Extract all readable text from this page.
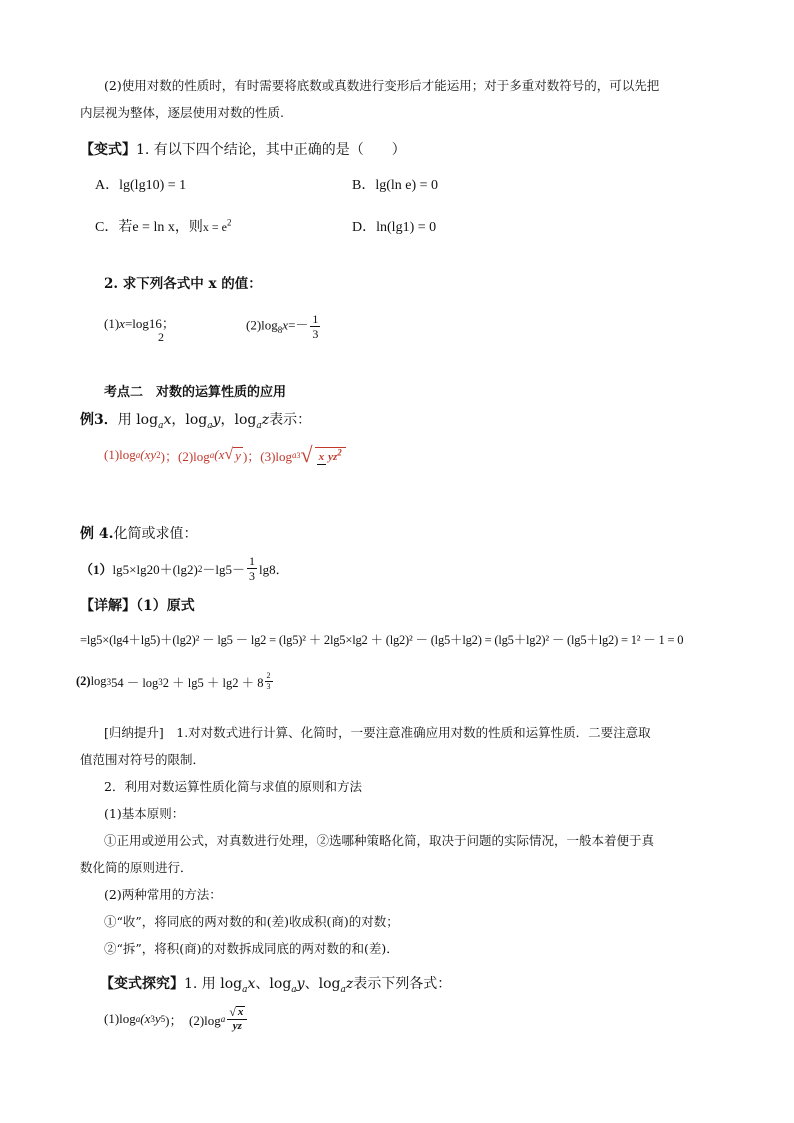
(2)使用对数的性质时，有时需要将底数或真数进行变形后才能运用；对于多重对数符号的，可以先把
内层视为整体，逐层使用对数的性质.
【变式】1. 有以下四个结论，其中正确的是（　　）
A．lg(lg10) = 1	B．lg(ln e) = 0
C．若e = ln x，则$x = e^2$	D．ln(lg1) = 0
2. 求下列各式中 x 的值：
(1)x=log16；
2
$(2)\log_8x=- \frac{1}{3}$
考点二　对数的运算性质的应用
例3．用 $\log_ax$，$\log_ay$，$\log_az$表示：
(1)log a (xy 2 )；(2)log a (x √ y )；(3)log a 3 √ x $yz^2$
例 4.化简或求值：
（1） lg5×lg20＋(lg2) $2 -\lg 5- \frac{1}{3} \lg 8$．
【详解】（1）原式
=lg5×(lg4＋lg5)＋(lg2)² － lg5 － lg2 = (lg5)² ＋ 2lg5×lg2 ＋ (lg2)² － (lg5＋lg2) = (lg5＋lg2)² － (lg5＋lg2) = 1² － 1 = 0
(2) log 3 54 － log 3 $2 + \lg 5 + \lg 2 + 8 \frac{2}{3}$
[归纳提升]　1.对对数式进行计算、化简时，一要注意准确应用对数的性质和运算性质．二要注意取
值范围对符号的限制．
2．利用对数运算性质化简与求值的原则和方法
(1)基本原则：
①正用或逆用公式，对真数进行处理，②选哪种策略化简，取决于问题的实际情况，一般本着便于真
数化简的原则进行．
(2)两种常用的方法：
①“收”，将同底的两对数的和(差)收成积(商)的对数；
②“拆”，将积(商)的对数拆成同底的两对数的和(差)．
【变式探究】1. 用 $\log_ax$、$\log_ay$、$\log_az$表示下列各式：
(1)log a (x 3 y 5 )；　(2)log a $\frac{√ x}{yz}$
